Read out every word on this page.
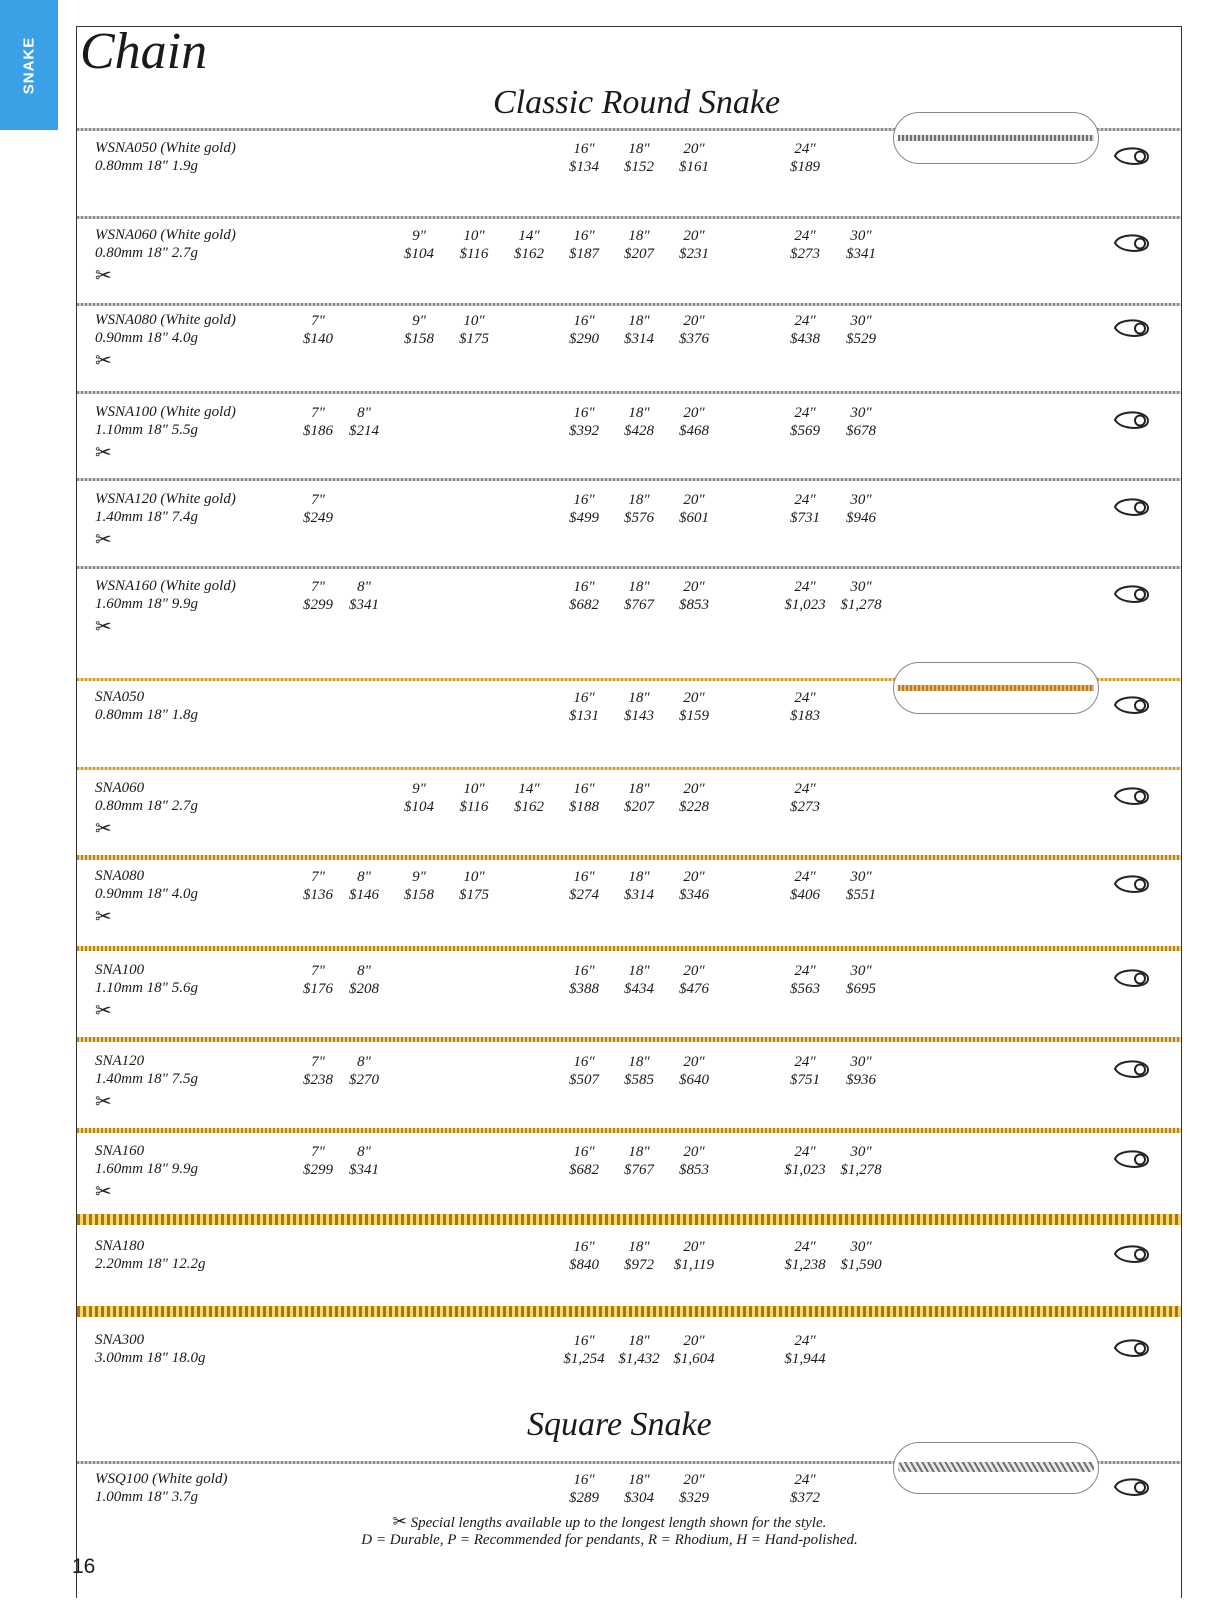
SNAKE Chain
Classic Round Snake
Square Snake
WSNA050 (White gold)
0.80mm 18" 1.9g
16"
$134
18"
$152
20"
$161
24"
$189
WSNA060 (White gold)
0.80mm 18" 2.7g
✂
9"
$104
10"
$116
14"
$162
16"
$187
18"
$207
20"
$231
24"
$273
30"
$341
WSNA080 (White gold)
0.90mm 18" 4.0g
✂
7"
$140
9"
$158
10"
$175
16"
$290
18"
$314
20"
$376
24"
$438
30"
$529
WSNA100 (White gold)
1.10mm 18" 5.5g
✂
7"
$186
8"
$214
16"
$392
18"
$428
20"
$468
24"
$569
30"
$678
WSNA120 (White gold)
1.40mm 18" 7.4g
✂
7"
$249
16"
$499
18"
$576
20"
$601
24"
$731
30"
$946
WSNA160 (White gold)
1.60mm 18" 9.9g
✂
7"
$299
8"
$341
16"
$682
18"
$767
20"
$853
24"
$1,023
30"
$1,278
SNA050
0.80mm 18" 1.8g
16"
$131
18"
$143
20"
$159
24"
$183
SNA060
0.80mm 18" 2.7g
✂
9"
$104
10"
$116
14"
$162
16"
$188
18"
$207
20"
$228
24"
$273
SNA080
0.90mm 18" 4.0g
✂
7"
$136
8"
$146
9"
$158
10"
$175
16"
$274
18"
$314
20"
$346
24"
$406
30"
$551
SNA100
1.10mm 18" 5.6g
✂
7"
$176
8"
$208
16"
$388
18"
$434
20"
$476
24"
$563
30"
$695
SNA120
1.40mm 18" 7.5g
✂
7"
$238
8"
$270
16"
$507
18"
$585
20"
$640
24"
$751
30"
$936
SNA160
1.60mm 18" 9.9g
✂
7"
$299
8"
$341
16"
$682
18"
$767
20"
$853
24"
$1,023
30"
$1,278
SNA180
2.20mm 18" 12.2g
16"
$840
18"
$972
20"
$1,119
24"
$1,238
30"
$1,590
SNA300
3.00mm 18" 18.0g
16"
$1,254
18"
$1,432
20"
$1,604
24"
$1,944
WSQ100 (White gold)
1.00mm 18" 3.7g
16"
$289
18"
$304
20"
$329
24"
$372
16
✂ Special lengths available up to the longest length shown for the style.
D = Durable, P = Recommended for pendants, R = Rhodium, H = Hand-polished.
